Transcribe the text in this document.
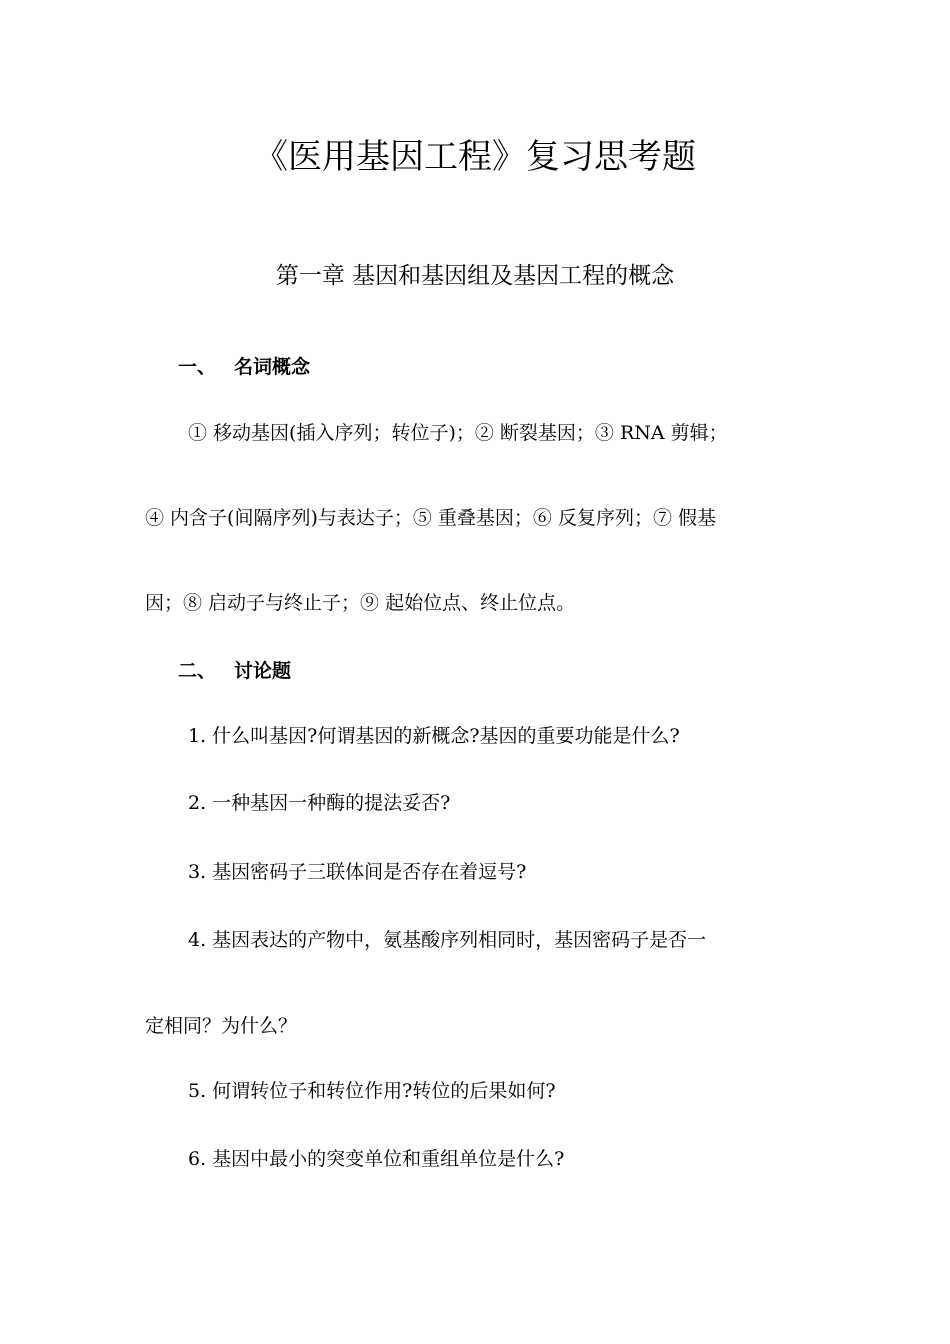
《医用基因工程》复习思考题
第一章 基因和基因组及基因工程的概念
一、 名词概念
① 移动基因(插入序列；转位子)；② 断裂基因；③ RNA 剪辑；
④ 内含子(间隔序列)与表达子；⑤ 重叠基因；⑥ 反复序列；⑦ 假基
因；⑧ 启动子与终止子；⑨ 起始位点、终止位点。
二、 讨论题
1. 什么叫基因?何谓基因的新概念?基因的重要功能是什么?
2. 一种基因一种酶的提法妥否?
3. 基因密码子三联体间是否存在着逗号?
4. 基因表达的产物中，氨基酸序列相同时，基因密码子是否一
定相同？为什么？
5. 何谓转位子和转位作用?转位的后果如何?
6. 基因中最小的突变单位和重组单位是什么?
